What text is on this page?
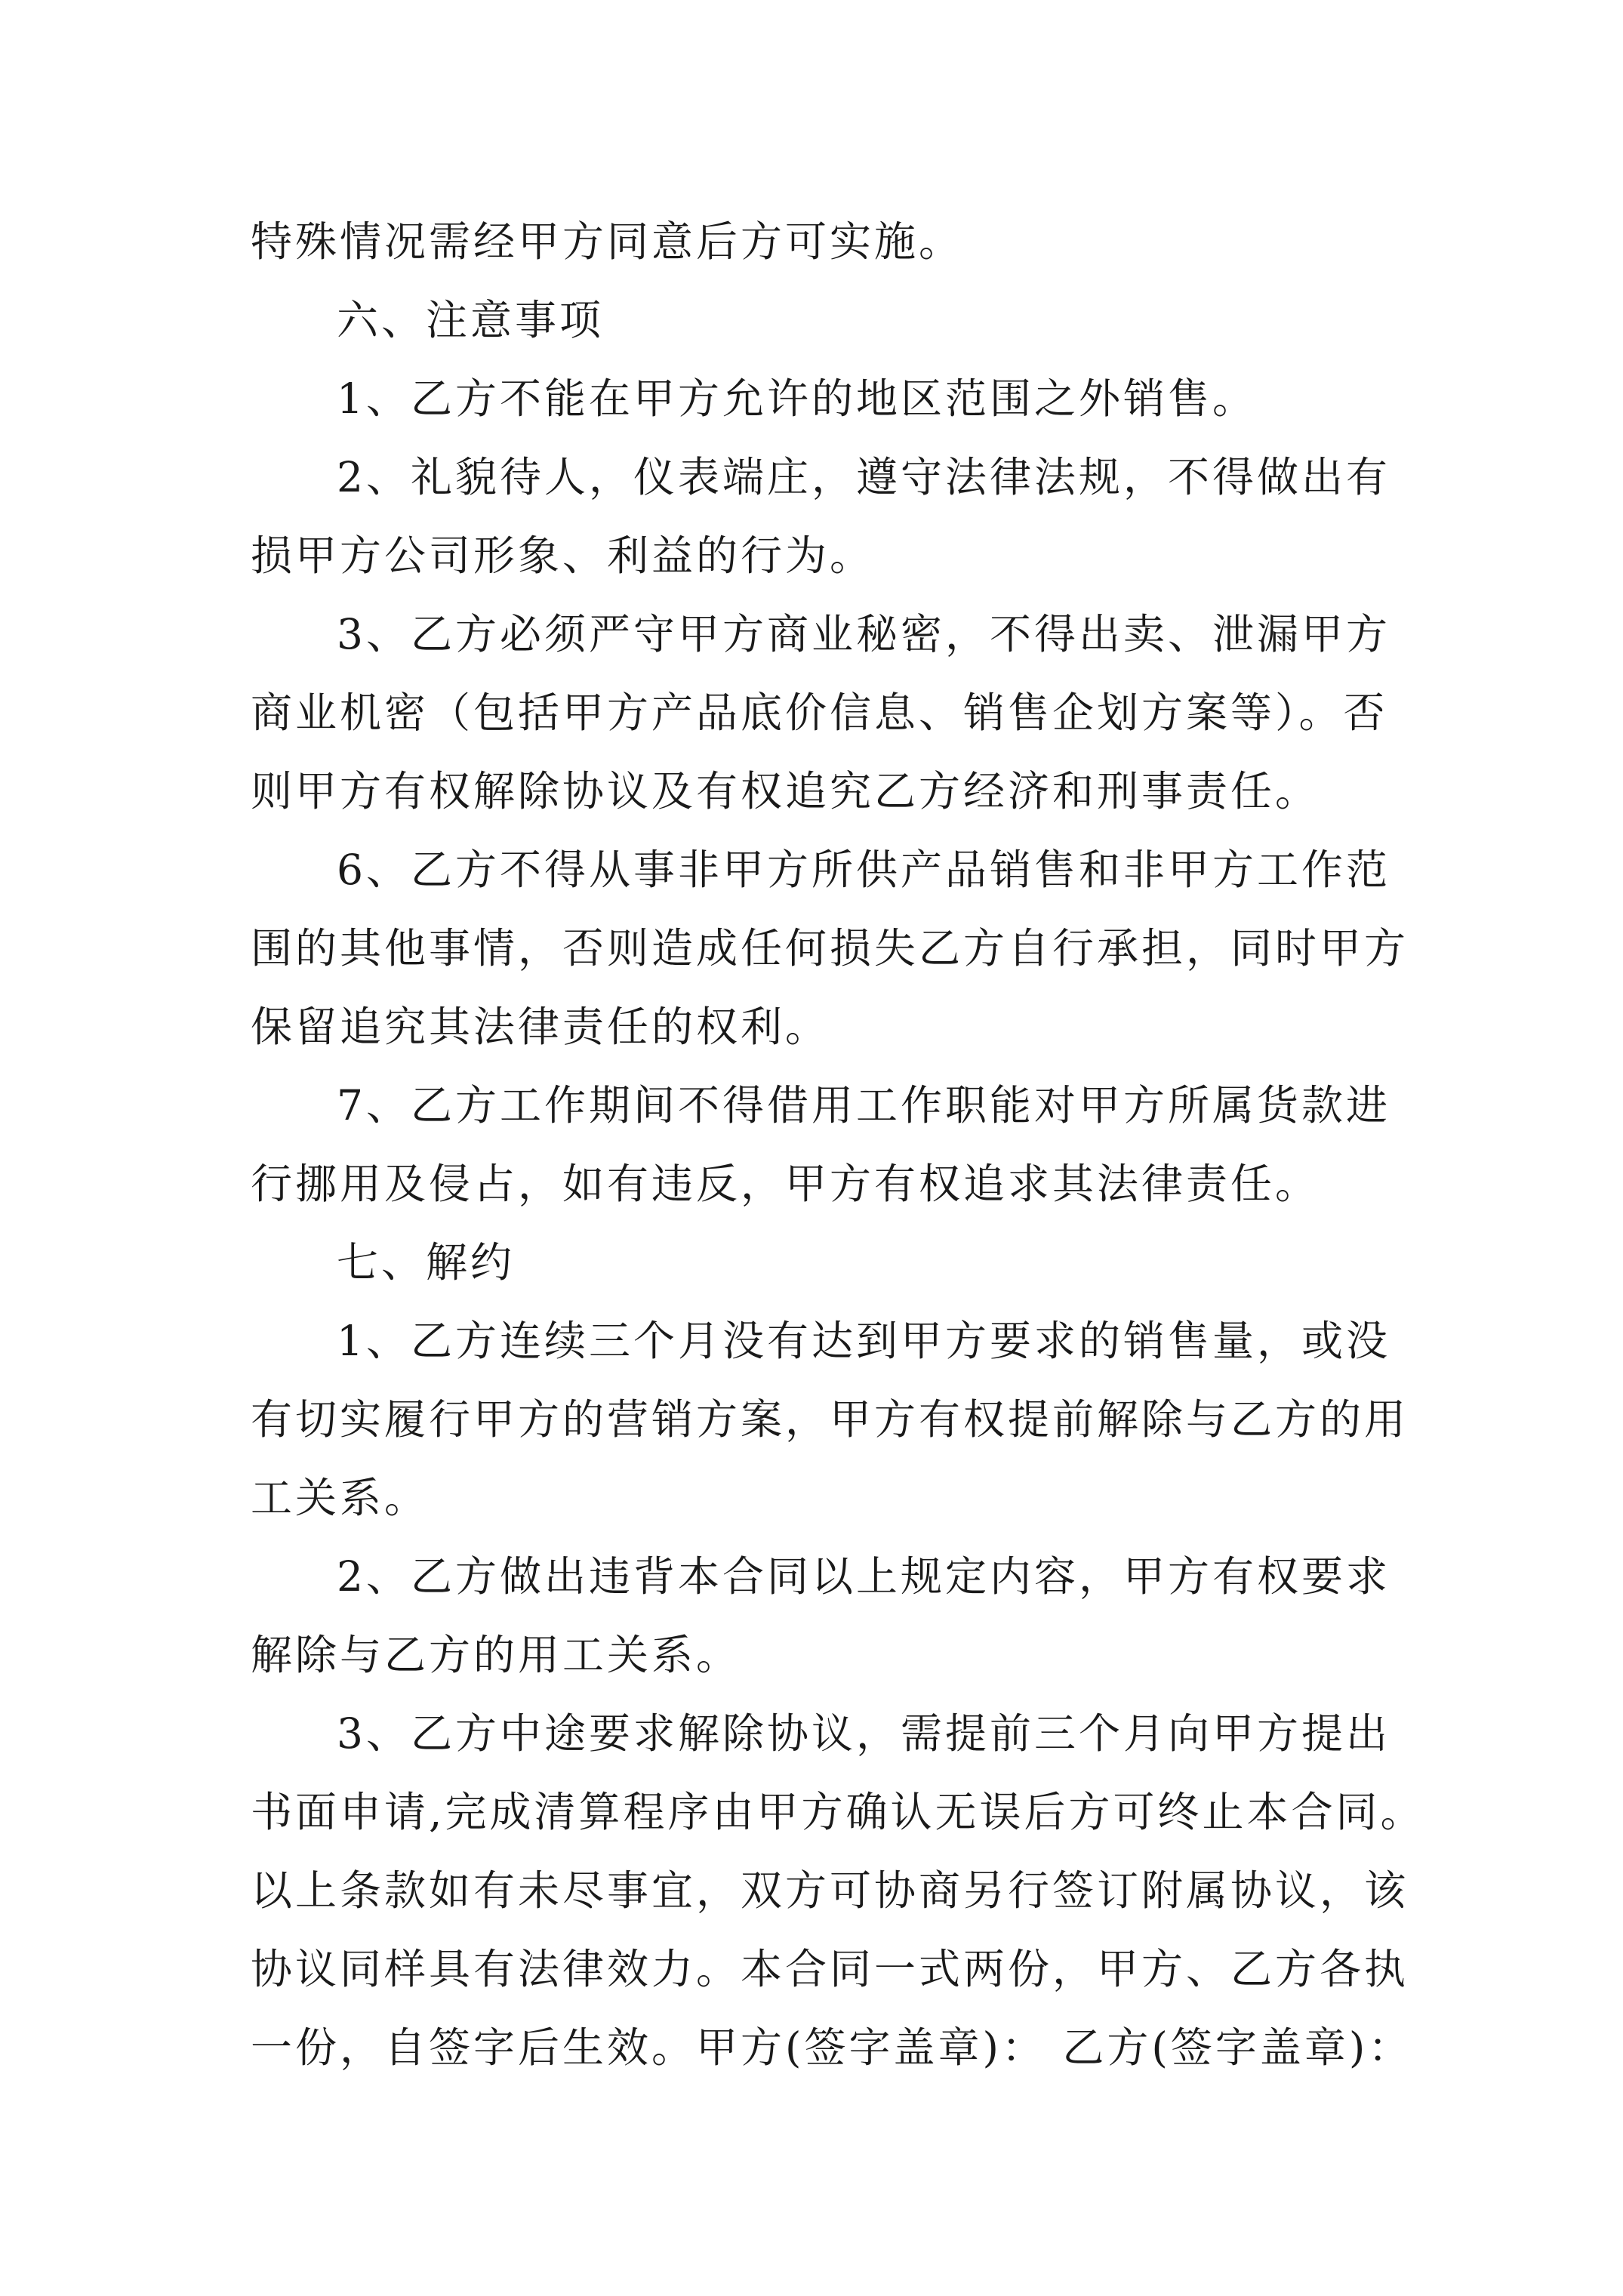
特殊情况需经甲方同意后方可实施。
六、注意事项
1、乙方不能在甲方允许的地区范围之外销售。
2、礼貌待人，仪表端庄，遵守法律法规，不得做出有
损甲方公司形象、利益的行为。
3、乙方必须严守甲方商业秘密，不得出卖、泄漏甲方
商业机密（包括甲方产品底价信息、销售企划方案等）。否
则甲方有权解除协议及有权追究乙方经济和刑事责任。
6、乙方不得从事非甲方所供产品销售和非甲方工作范
围的其他事情，否则造成任何损失乙方自行承担，同时甲方
保留追究其法律责任的权利。
7、乙方工作期间不得借用工作职能对甲方所属货款进
行挪用及侵占，如有违反，甲方有权追求其法律责任。
七、解约
1、乙方连续三个月没有达到甲方要求的销售量，或没
有切实履行甲方的营销方案，甲方有权提前解除与乙方的用
工关系。
2、乙方做出违背本合同以上规定内容，甲方有权要求
解除与乙方的用工关系。
3、乙方中途要求解除协议，需提前三个月向甲方提出
书面申请,完成清算程序由甲方确认无误后方可终止本合同。
以上条款如有未尽事宜，双方可协商另行签订附属协议，该
协议同样具有法律效力。本合同一式两份，甲方、乙方各执
一份，自签字后生效。甲方(签字盖章)： 乙方(签字盖章)：
